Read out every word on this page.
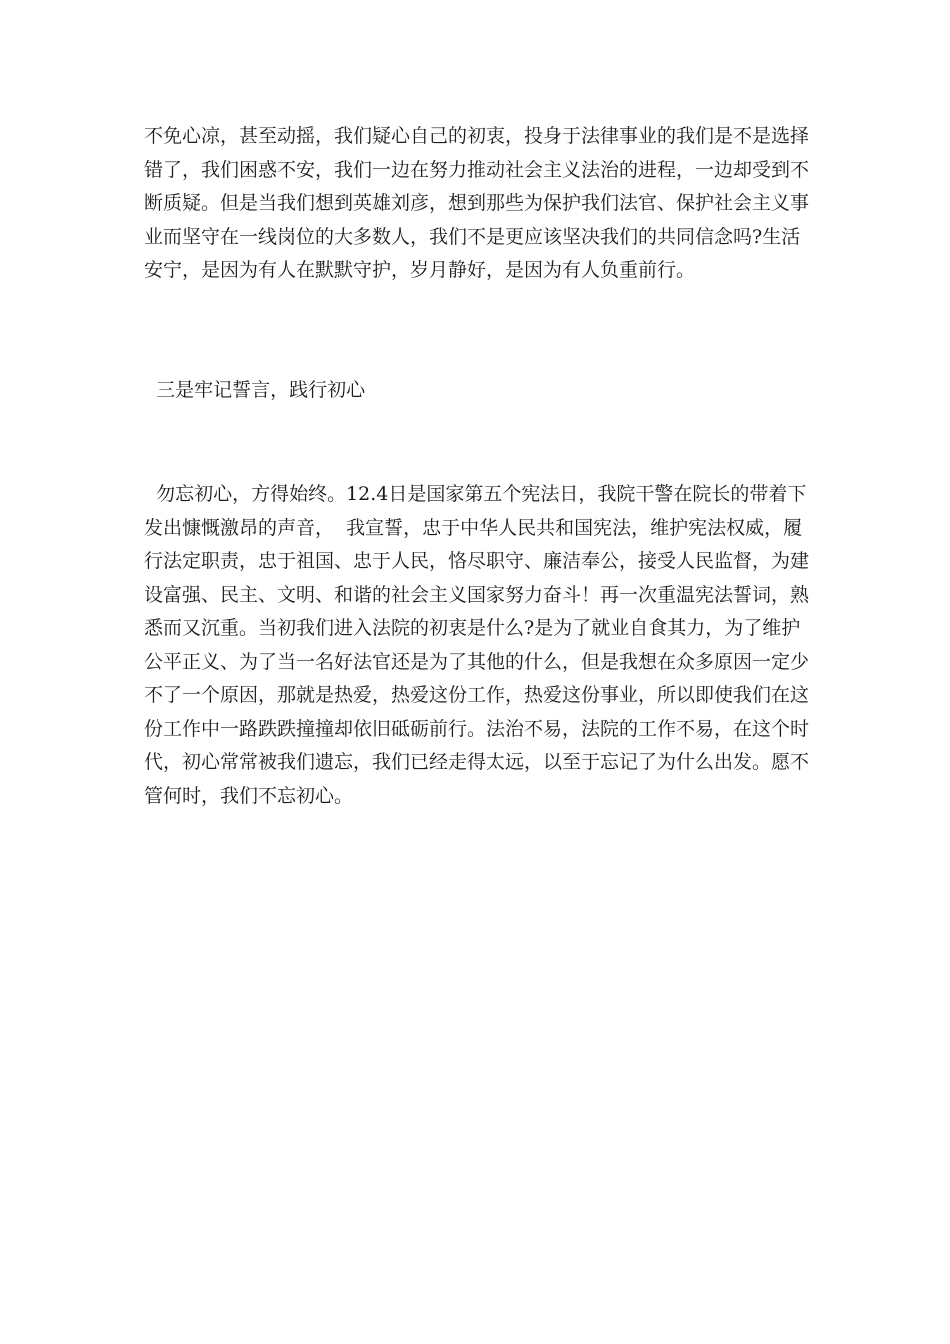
不免心凉，甚至动摇，我们疑心自己的初衷，投身于法律事业的我们是不是选择错了，我们困惑不安，我们一边在努力推动社会主义法治的进程，一边却受到不断质疑。但是当我们想到英雄刘彦，想到那些为保护我们法官、保护社会主义事业而坚守在一线岗位的大多数人，我们不是更应该坚决我们的共同信念吗?生活安宁，是因为有人在默默守护，岁月静好，是因为有人负重前行。

三是牢记誓言，践行初心

勿忘初心，方得始终。12.4日是国家第五个宪法日，我院干警在院长的带着下发出慷慨激昂的声音，  我宣誓，忠于中华人民共和国宪法，维护宪法权威，履行法定职责，忠于祖国、忠于人民，恪尽职守、廉洁奉公，接受人民监督，为建设富强、民主、文明、和谐的社会主义国家努力奋斗！再一次重温宪法誓词，熟悉而又沉重。当初我们进入法院的初衷是什么?是为了就业自食其力，为了维护公平正义、为了当一名好法官还是为了其他的什么，但是我想在众多原因一定少不了一个原因，那就是热爱，热爱这份工作，热爱这份事业，所以即使我们在这份工作中一路跌跌撞撞却依旧砥砺前行。法治不易，法院的工作不易，在这个时代，初心常常被我们遗忘，我们已经走得太远，以至于忘记了为什么出发。愿不管何时，我们不忘初心。
